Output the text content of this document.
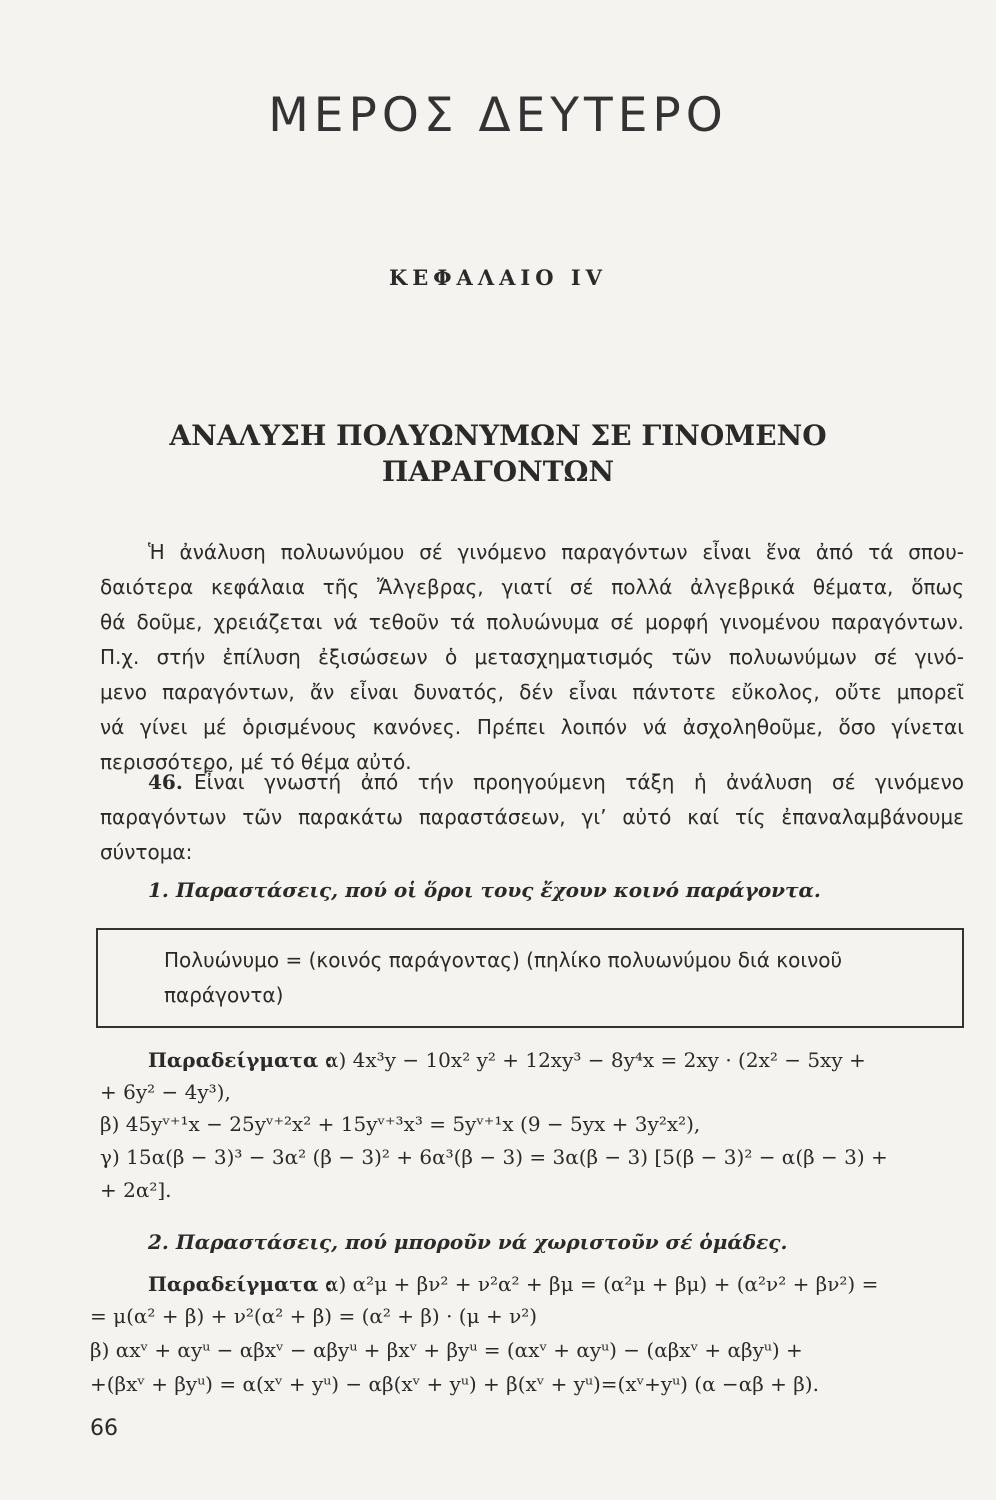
ΜΕΡΟΣ ΔΕΥΤΕΡΟ
ΚΕΦΑΛΑΙΟ IV
ΑΝΑΛΥΣΗ ΠΟΛΥΩΝΥΜΩΝ ΣΕ ΓΙΝΟΜΕΝΟ
ΠΑΡΑΓΟΝΤΩΝ
Ἡ ἀνάλυση πολυωνύμου σέ γινόμενο παραγόντων εἶναι ἕνα ἀπό τά σπου-
δαιότερα κεφάλαια τῆς Ἄλγεβρας, γιατί σέ πολλά ἀλγεβρικά θέματα, ὅπως
θά δοῦμε, χρειάζεται νά τεθοῦν τά πολυώνυμα σέ μορφή γινομένου παραγόντων.
Π.χ. στήν ἐπίλυση ἐξισώσεων ὁ μετασχηματισμός τῶν πολυωνύμων σέ γινό-
μενο παραγόντων, ἄν εἶναι δυνατός, δέν εἶναι πάντοτε εὔκολος, οὔτε μπορεῖ
νά γίνει μέ ὁρισμένους κανόνες. Πρέπει λοιπόν νά ἀσχοληθοῦμε, ὅσο γίνεται
περισσότερο, μέ τό θέμα αὐτό.
46. Εἶναι γνωστή ἀπό τήν προηγούμενη τάξη ἡ ἀνάλυση σέ γινόμενο
παραγόντων τῶν παρακάτω παραστάσεων, γι’ αὐτό καί τίς ἐπαναλαμβάνουμε
σύντομα:
1. Παραστάσεις, πού οἱ ὅροι τους ἔχουν κοινό παράγοντα.
Πολυώνυμο = (κοινός παράγοντας) (πηλίκο πολυωνύμου διά κοινοῦ
παράγοντα)
Παραδείγματα :
α) 4x³y − 10x² y² + 12xy³ − 8y⁴x = 2xy · (2x² − 5xy +
+ 6y² − 4y³),
β) 45yᵛ⁺¹x − 25yᵛ⁺²x² + 15yᵛ⁺³x³ = 5yᵛ⁺¹x (9 − 5yx + 3y²x²),
γ) 15α(β − 3)³ − 3α² (β − 3)² + 6α³(β − 3) = 3α(β − 3) [5(β − 3)² − α(β − 3) +
+ 2α²].
2. Παραστάσεις, πού μποροῦν νά χωριστοῦν σέ ὁμάδες.
Παραδείγματα :
α) α²μ + βν² + ν²α² + βμ = (α²μ + βμ) + (α²ν² + βν²) =
= μ(α² + β) + ν²(α² + β) = (α² + β) · (μ + ν²)
β) αxᵛ + αyᵘ − αβxᵛ − αβyᵘ + βxᵛ + βyᵘ = (αxᵛ + αyᵘ) − (αβxᵛ + αβyᵘ) +
+(βxᵛ + βyᵘ) = α(xᵛ + yᵘ) − αβ(xᵛ + yᵘ) + β(xᵛ + yᵘ)=(xᵛ+yᵘ) (α −αβ + β).
66
